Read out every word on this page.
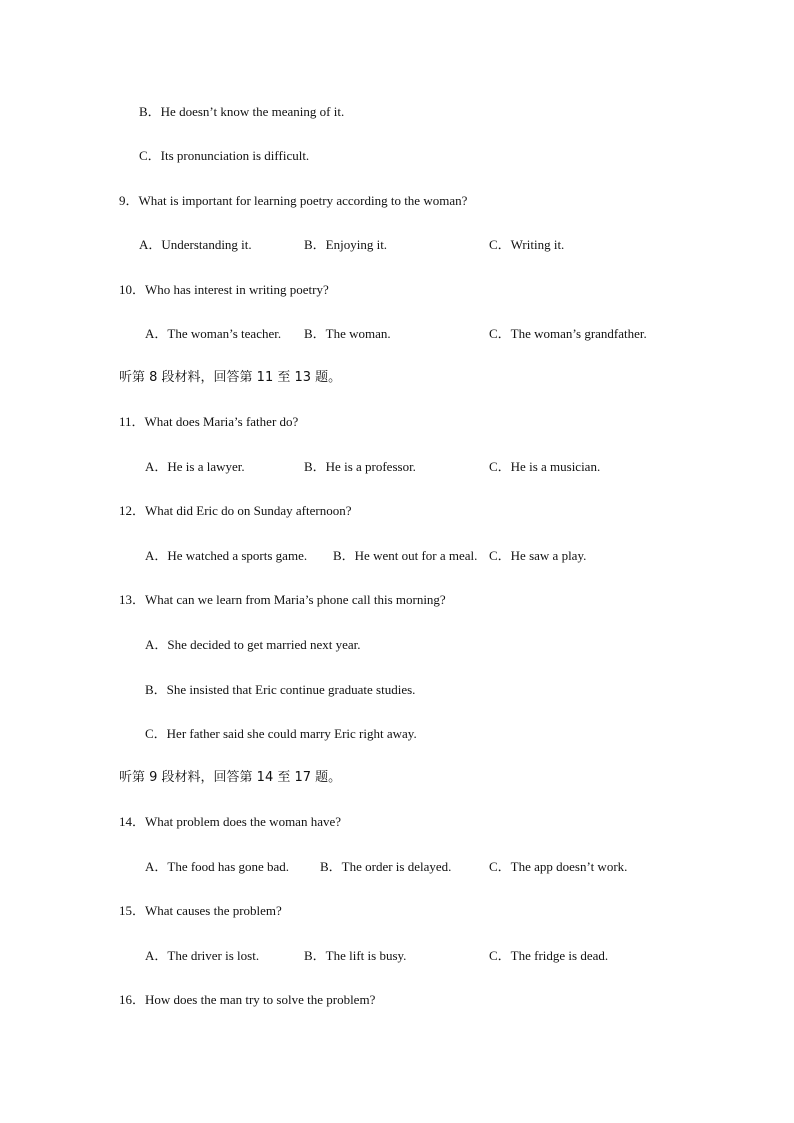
B．He doesn’t know the meaning of it.
C．Its pronunciation is difficult.
9．What is important for learning poetry according to the woman?
A．Understanding it.	B．Enjoying it.	C．Writing it.
10．Who has interest in writing poetry?
A．The woman’s teacher. B．The woman.	C．The woman’s grandfather.
听第 8 段材料，回答第 11 至 13 题。
11．What does Maria’s father do?
A．He is a lawyer.	B．He is a professor.	C．He is a musician.
12．What did Eric do on Sunday afternoon?
A．He watched a sports game. B．He went out for a meal. C．He saw a play.
13．What can we learn from Maria’s phone call this morning?
A．She decided to get married next year.
B．She insisted that Eric continue graduate studies.
C．Her father said she could marry Eric right away.
听第 9 段材料，回答第 14 至 17 题。
14．What problem does the woman have?
A．The food has gone bad. B．The order is delayed.	C．The app doesn’t work.
15．What causes the problem?
A．The driver is lost.	B．The lift is busy.	C．The fridge is dead.
16．How does the man try to solve the problem?
